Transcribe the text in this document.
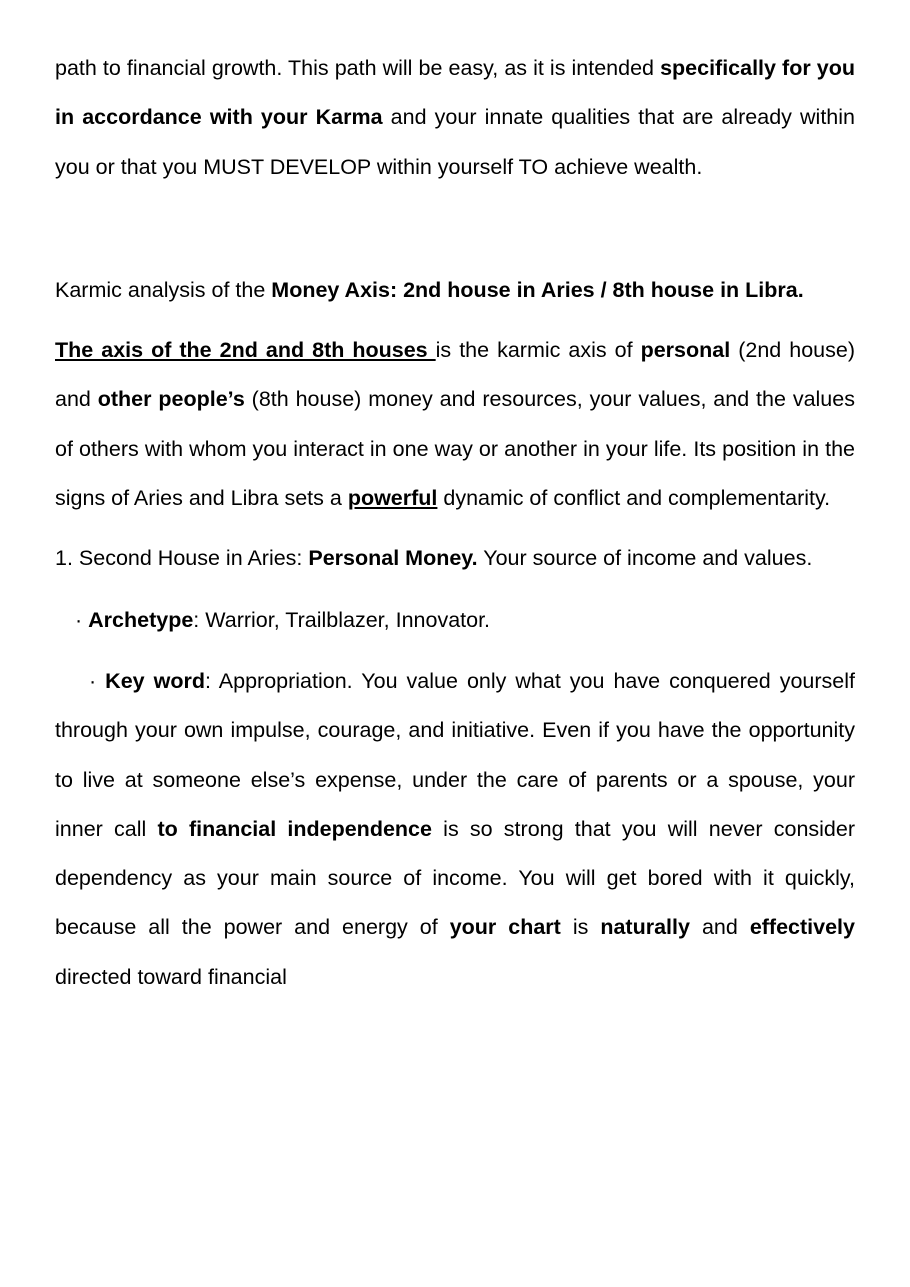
path to financial growth. This path will be easy, as it is intended specifically for you in accordance with your Karma and your innate qualities that are already within you or that you MUST DEVELOP within yourself TO achieve wealth.

Karmic analysis of the Money Axis: 2nd house in Aries / 8th house in Libra.

The axis of the 2nd and 8th houses is the karmic axis of personal (2nd house) and other people’s (8th house) money and resources, your values, and the values of others with whom you interact in one way or another in your life. Its position in the signs of Aries and Libra sets a powerful dynamic of conflict and complementarity.

1. Second House in Aries: Personal Money. Your source of income and values.

· Archetype: Warrior, Trailblazer, Innovator.

· Key word: Appropriation. You value only what you have conquered yourself through your own impulse, courage, and initiative. Even if you have the opportunity to live at someone else’s expense, under the care of parents or a spouse, your inner call to financial independence is so strong that you will never consider dependency as your main source of income. You will get bored with it quickly, because all the power and energy of your chart is naturally and effectively directed toward financial
